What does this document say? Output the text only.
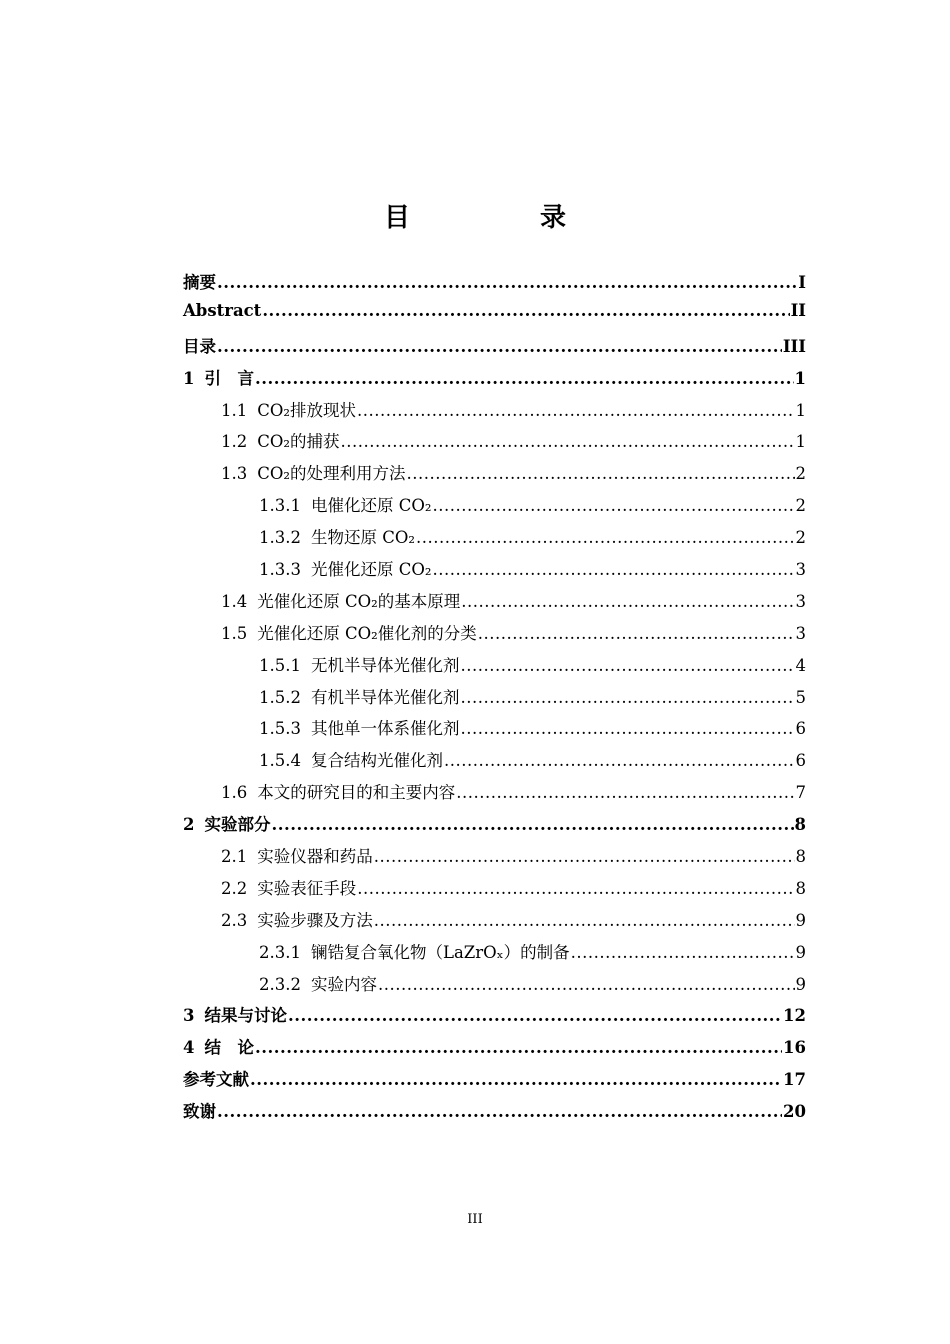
目　录
摘 要 .....	I
Abstract .....	II
目 录 .....	III
1 引　言 .....	1
1.1 CO₂排放现状 .....	1
1.2 CO₂的捕获 .....	1
1.3 CO₂的处理利用方法 .....	2
1.3.1 电催化还原 CO₂ .....	2
1.3.2 生物还原 CO₂ .....	2
1.3.3 光催化还原 CO₂ .....	3
1.4 光催化还原 CO₂的基本原理 .....	3
1.5 光催化还原 CO₂催化剂的分类 .....	3
1.5.1 无机半导体光催化剂 .....	4
1.5.2 有机半导体光催化剂 .....	5
1.5.3 其他单一体系催化剂 .....	6
1.5.4 复合结构光催化剂 .....	6
1.6 本文的研究目的和主要内容 .....	7
2 实验部分 .....	8
2.1 实验仪器和药品 .....	8
2.2 实验表征手段 .....	8
2.3 实验步骤及方法 .....	9
2.3.1 镧锆复合氧化物（LaZrOₓ）的制备 .....	9
2.3.2 实验内容 .....	9
3 结果与讨论 .....	12
4 结　论 .....	16
参考文献 .....	17
致 谢 .....	20
III
